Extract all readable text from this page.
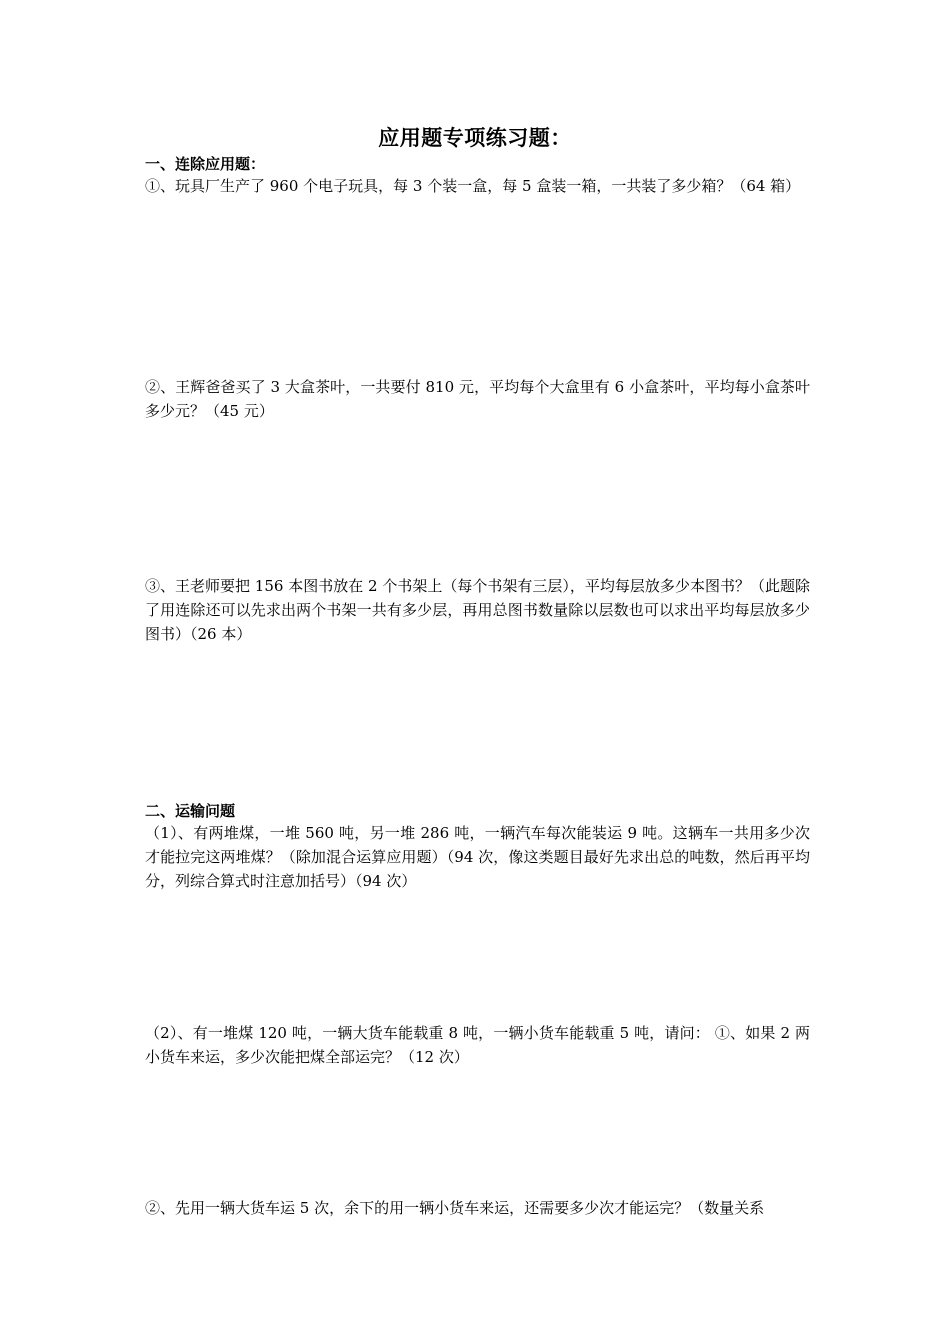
应用题专项练习题：
一、连除应用题：
①、玩具厂生产了 960 个电子玩具，每 3 个装一盒，每 5 盒装一箱，一共装了多少箱？（64 箱）
②、王辉爸爸买了 3 大盒茶叶，一共要付 810 元，平均每个大盒里有 6 小盒茶叶，平均每小盒茶叶多少元？（45 元）
③、王老师要把 156 本图书放在 2 个书架上（每个书架有三层），平均每层放多少本图书？（此题除了用连除还可以先求出两个书架一共有多少层，再用总图书数量除以层数也可以求出平均每层放多少图书）（26 本）
二、运输问题
（1）、有两堆煤，一堆 560 吨，另一堆 286 吨，一辆汽车每次能装运 9 吨。这辆车一共用多少次才能拉完这两堆煤？（除加混合运算应用题）（94 次，像这类题目最好先求出总的吨数，然后再平均分，列综合算式时注意加括号）（94 次）
（2）、有一堆煤 120 吨，一辆大货车能载重 8 吨，一辆小货车能载重 5 吨，请问： ①、如果 2 两小货车来运，多少次能把煤全部运完？（12 次）
②、先用一辆大货车运 5 次，余下的用一辆小货车来运，还需要多少次才能运完？（数量关系
